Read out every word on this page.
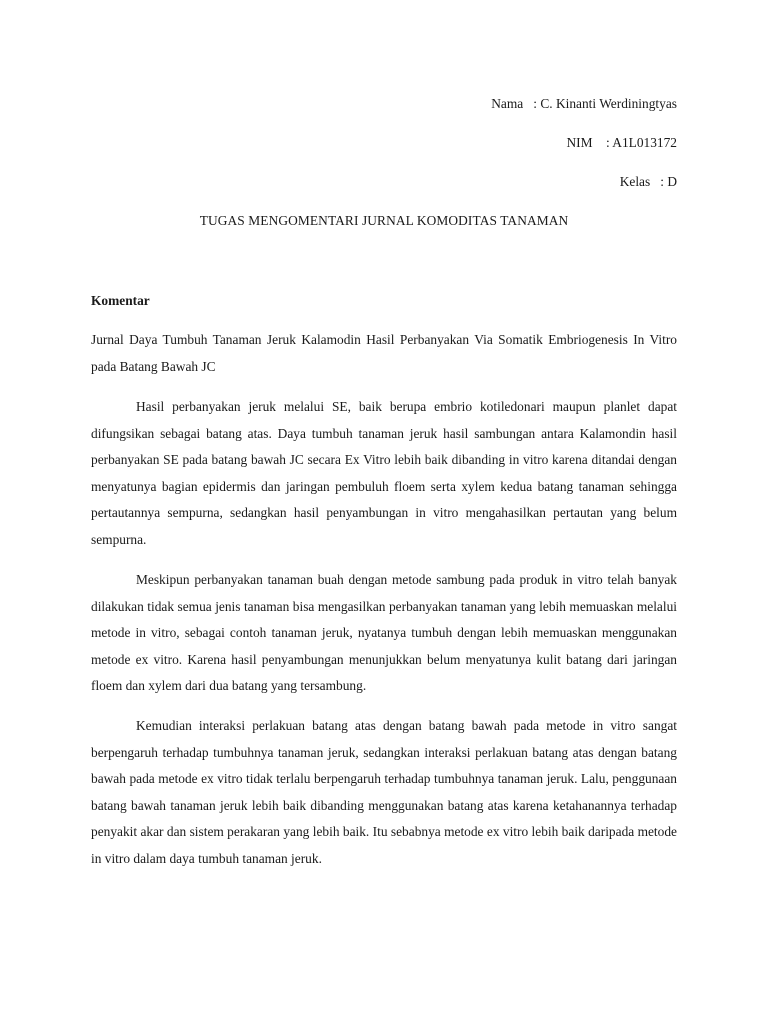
Nama   : C. Kinanti Werdiningtyas
NIM    : A1L013172
Kelas   : D
TUGAS MENGOMENTARI JURNAL KOMODITAS TANAMAN
Komentar

Jurnal Daya Tumbuh Tanaman Jeruk Kalamodin Hasil Perbanyakan Via Somatik Embriogenesis In Vitro pada Batang Bawah JC

Hasil perbanyakan jeruk melalui SE, baik berupa embrio kotiledonari maupun planlet dapat difungsikan sebagai batang atas. Daya tumbuh tanaman jeruk hasil sambungan antara Kalamondin hasil perbanyakan SE pada batang bawah JC secara Ex Vitro lebih baik dibanding in vitro karena ditandai dengan menyatunya bagian epidermis dan jaringan pembuluh floem serta xylem kedua batang tanaman sehingga pertautannya sempurna, sedangkan hasil penyambungan in vitro mengahasilkan pertautan yang belum sempurna.

Meskipun perbanyakan tanaman buah dengan metode sambung pada produk in vitro telah banyak dilakukan tidak semua jenis tanaman bisa mengasilkan perbanyakan tanaman yang lebih memuaskan melalui metode in vitro, sebagai contoh tanaman jeruk, nyatanya tumbuh dengan lebih memuaskan menggunakan metode ex vitro. Karena hasil penyambungan menunjukkan belum menyatunya kulit batang dari jaringan floem dan xylem dari dua batang yang tersambung.

Kemudian interaksi perlakuan batang atas dengan batang bawah pada metode in vitro sangat berpengaruh terhadap tumbuhnya tanaman jeruk, sedangkan interaksi perlakuan batang atas dengan batang bawah pada metode ex vitro tidak terlalu berpengaruh terhadap tumbuhnya tanaman jeruk. Lalu, penggunaan batang bawah tanaman jeruk lebih baik dibanding menggunakan batang atas karena ketahanannya terhadap penyakit akar dan sistem perakaran yang lebih baik. Itu sebabnya metode ex vitro lebih baik daripada metode in vitro dalam daya tumbuh tanaman jeruk.
